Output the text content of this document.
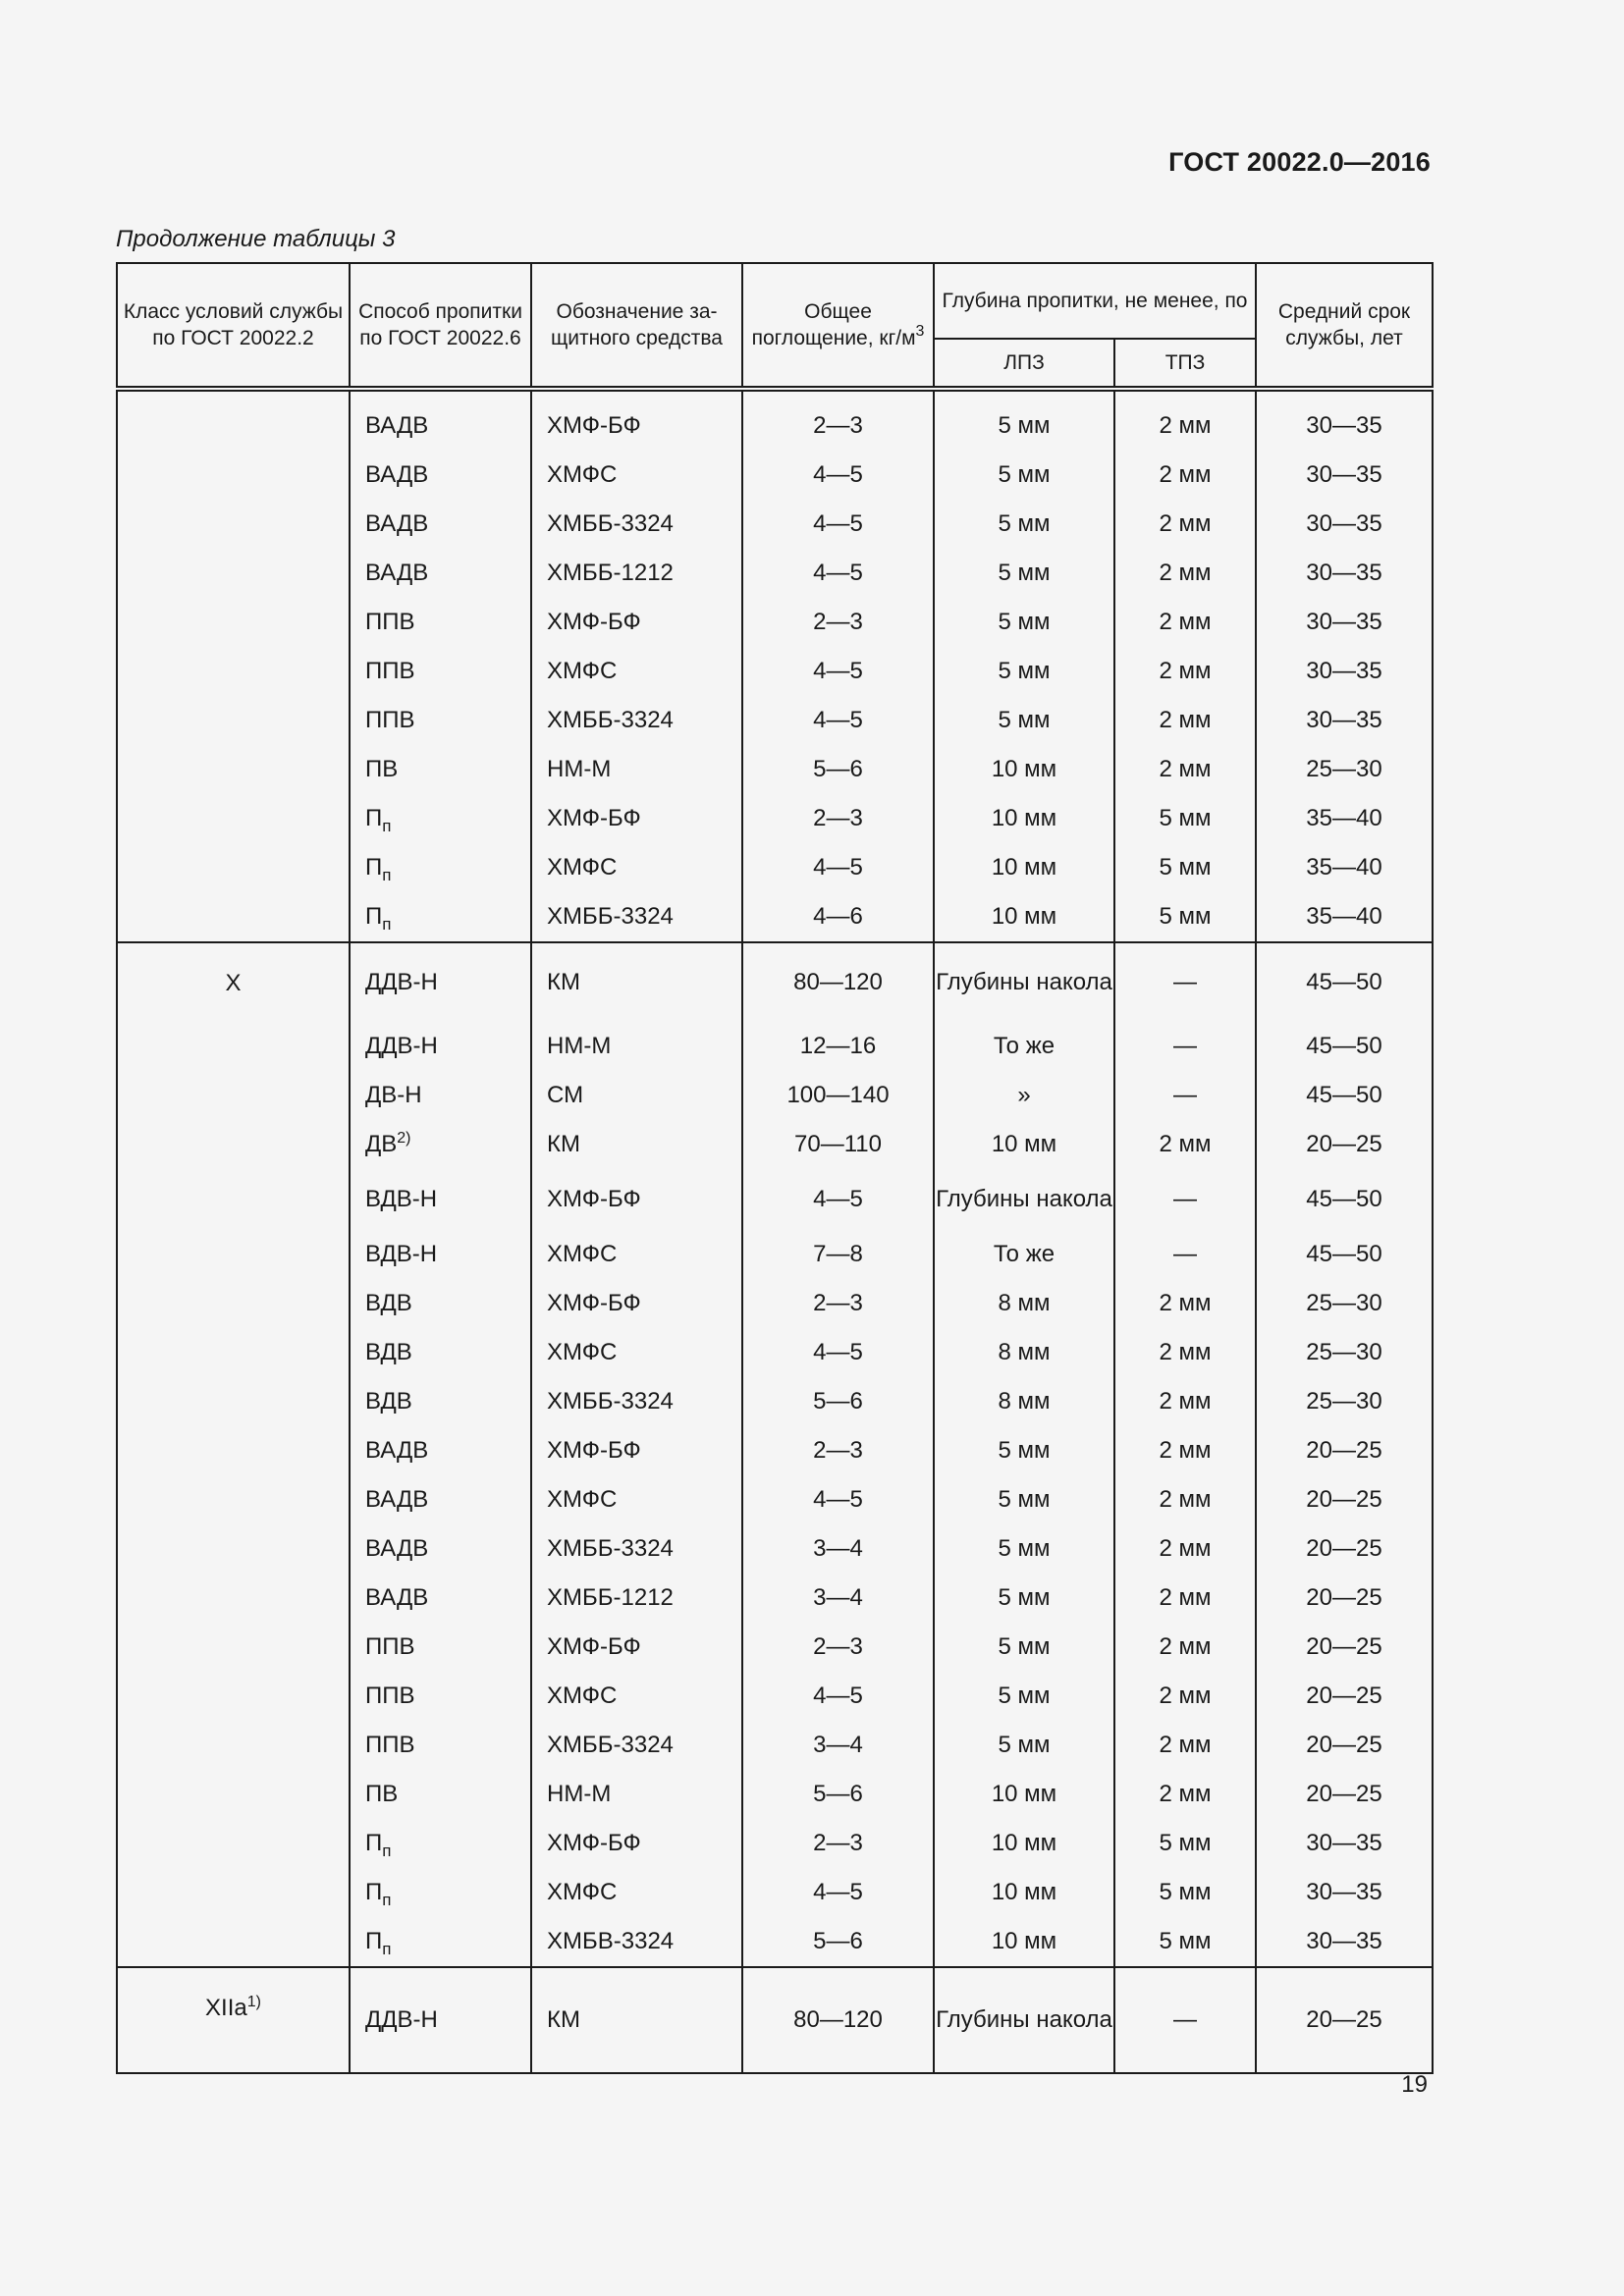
ГОСТ 20022.0—2016
Продолжение таблицы 3
Класс условий службы по ГОСТ 20022.2	Способ пропитки по ГОСТ 20022.6	Обозначение за-щитного средства	Общее поглощение, $кг/м^3$	Глубина пропитки, не менее, по		Средний срок службы, лет
				ЛПЗ	ТПЗ	
	ВАДВ	ХМФ-БФ	2—3	5 мм	2 мм	30—35
	ВАДВ	ХМФС	4—5	5 мм	2 мм	30—35
	ВАДВ	ХМББ-3324	4—5	5 мм	2 мм	30—35
	ВАДВ	ХМББ-1212	4—5	5 мм	2 мм	30—35
	ППВ	ХМФ-БФ	2—3	5 мм	2 мм	30—35
	ППВ	ХМФС	4—5	5 мм	2 мм	30—35
	ППВ	ХМББ-3324	4—5	5 мм	2 мм	30—35
	ПВ	НМ-М	5—6	10 мм	2 мм	25—30
	$П_п$	ХМФ-БФ	2—3	10 мм	5 мм	35—40
	$П_п$	ХМФС	4—5	10 мм	5 мм	35—40
	$П_п$	ХМББ-3324	4—6	10 мм	5 мм	35—40
X	ДДВ-Н	КМ	80—120	Глубины накола	—	45—50
	ДДВ-Н	НМ-М	12—16	То же	—	45—50
	ДВ-Н	СМ	100—140	»	—	45—50
	ДВ$^{2)}$	КМ	70—110	10 мм	2 мм	20—25
	ВДВ-Н	ХМФ-БФ	4—5	Глубины накола	—	45—50
	ВДВ-Н	ХМФС	7—8	То же	—	45—50
	ВДВ	ХМФ-БФ	2—3	8 мм	2 мм	25—30
	ВДВ	ХМФС	4—5	8 мм	2 мм	25—30
	ВДВ	ХМББ-3324	5—6	8 мм	2 мм	25—30
	ВАДВ	ХМФ-БФ	2—3	5 мм	2 мм	20—25
	ВАДВ	ХМФС	4—5	5 мм	2 мм	20—25
	ВАДВ	ХМББ-3324	3—4	5 мм	2 мм	20—25
	ВАДВ	ХМББ-1212	3—4	5 мм	2 мм	20—25
	ППВ	ХМФ-БФ	2—3	5 мм	2 мм	20—25
	ППВ	ХМФС	4—5	5 мм	2 мм	20—25
	ППВ	ХМББ-3324	3—4	5 мм	2 мм	20—25
	ПВ	НМ-М	5—6	10 мм	2 мм	20—25
	$П_п$	ХМФ-БФ	2—3	10 мм	5 мм	30—35
	$П_п$	ХМФС	4—5	10 мм	5 мм	30—35
	$П_п$	ХМБВ-3324	5—6	10 мм	5 мм	30—35
XIIa$^{1)}$	ДДВ-Н	КМ	80—120	Глубины накола	—	20—25
19
